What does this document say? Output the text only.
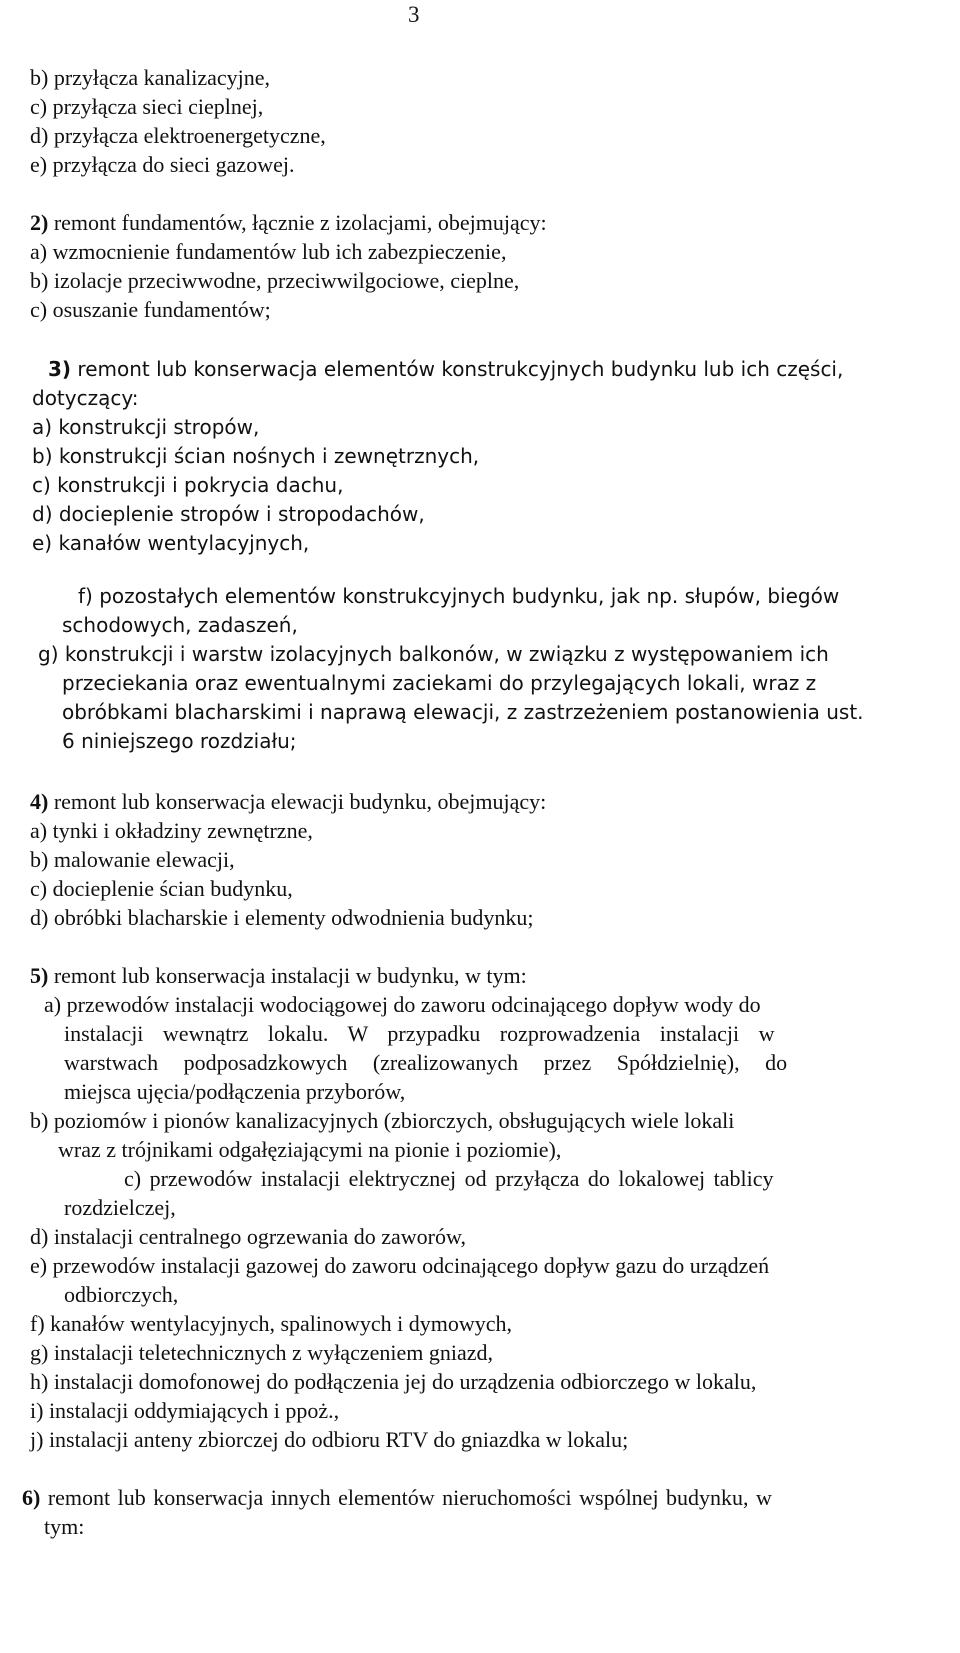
3
b) przyłącza kanalizacyjne,
c) przyłącza sieci cieplnej,
d) przyłącza elektroenergetyczne,
e) przyłącza do sieci gazowej.
2) remont fundamentów, łącznie z izolacjami, obejmujący:
a) wzmocnienie fundamentów lub ich zabezpieczenie,
b) izolacje przeciwwodne, przeciwwilgociowe, cieplne,
c) osuszanie fundamentów;
3) remont lub konserwacja elementów konstrukcyjnych budynku lub ich części,
dotyczący:
a) konstrukcji stropów,
b) konstrukcji ścian nośnych i zewnętrznych,
c) konstrukcji i pokrycia dachu,
d) docieplenie stropów i stropodachów,
e) kanałów wentylacyjnych,
f) pozostałych elementów konstrukcyjnych budynku, jak np. słupów, biegów
schodowych, zadaszeń,
g) konstrukcji i warstw izolacyjnych balkonów, w związku z występowaniem ich
przeciekania oraz ewentualnymi zaciekami do przylegających lokali, wraz z
obróbkami blacharskimi i naprawą elewacji, z zastrzeżeniem postanowienia ust.
6 niniejszego rozdziału;
4) remont lub konserwacja elewacji budynku, obejmujący:
a) tynki i okładziny zewnętrzne,
b) malowanie elewacji,
c) docieplenie ścian budynku,
d) obróbki blacharskie i elementy odwodnienia budynku;
5) remont lub konserwacja instalacji w budynku, w tym:
a) przewodów instalacji wodociągowej do zaworu odcinającego dopływ wody do
instalacji wewnątrz lokalu. W przypadku rozprowadzenia instalacji w
warstwach podposadzkowych (zrealizowanych przez Spółdzielnię), do
miejsca ujęcia/podłączenia przyborów,
b) poziomów i pionów kanalizacyjnych (zbiorczych, obsługujących wiele lokali
wraz z trójnikami odgałęziającymi na pionie i poziomie),
c) przewodów instalacji elektrycznej od przyłącza do lokalowej tablicy
rozdzielczej,
d) instalacji centralnego ogrzewania do zaworów,
e) przewodów instalacji gazowej do zaworu odcinającego dopływ gazu do urządzeń
odbiorczych,
f) kanałów wentylacyjnych, spalinowych i dymowych,
g) instalacji teletechnicznych z wyłączeniem gniazd,
h) instalacji domofonowej do podłączenia jej do urządzenia odbiorczego w lokalu,
i) instalacji oddymiających i ppoż.,
j) instalacji anteny zbiorczej do odbioru RTV do gniazdka w lokalu;
6) remont lub konserwacja innych elementów nieruchomości wspólnej budynku, w
tym:
